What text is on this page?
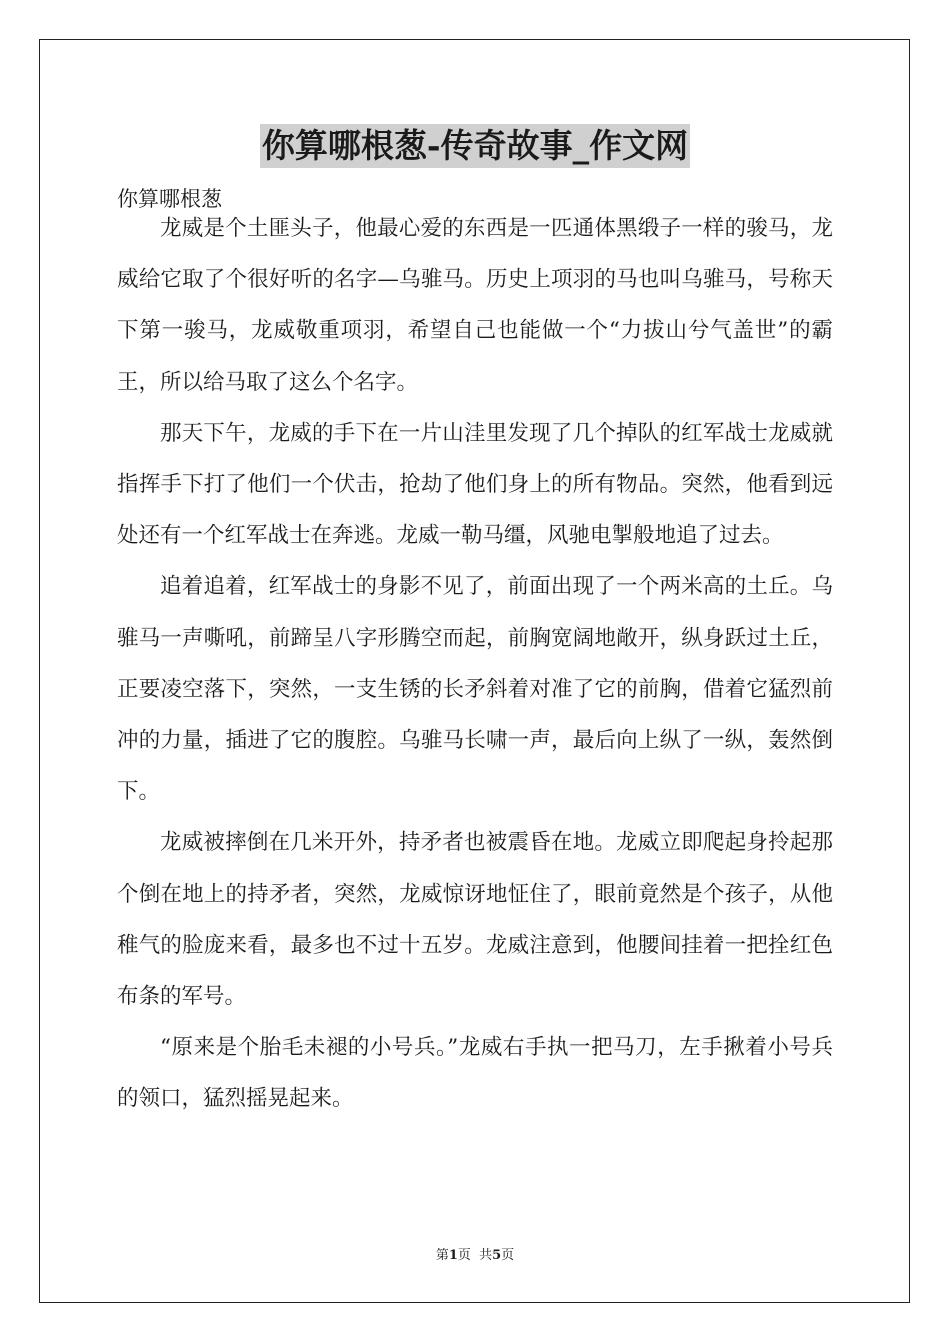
你算哪根葱-传奇故事_作文网
你算哪根葱

龙威是个土匪头子，他最心爱的东西是一匹通体黑缎子一样的骏马，龙威给它取了个很好听的名字—乌骓马。历史上项羽的马也叫乌骓马，号称天下第一骏马，龙威敬重项羽，希望自己也能做一个“力拔山兮气盖世”的霸王，所以给马取了这么个名字。

那天下午，龙威的手下在一片山洼里发现了几个掉队的红军战士龙威就指挥手下打了他们一个伏击，抢劫了他们身上的所有物品。突然，他看到远处还有一个红军战士在奔逃。龙威一勒马缰，风驰电掣般地追了过去。

追着追着，红军战士的身影不见了，前面出现了一个两米高的土丘。乌骓马一声嘶吼，前蹄呈八字形腾空而起，前胸宽阔地敞开，纵身跃过土丘，正要凌空落下，突然，一支生锈的长矛斜着对准了它的前胸，借着它猛烈前冲的力量，插进了它的腹腔。乌骓马长啸一声，最后向上纵了一纵，轰然倒下。

龙威被摔倒在几米开外，持矛者也被震昏在地。龙威立即爬起身拎起那个倒在地上的持矛者，突然，龙威惊讶地怔住了，眼前竟然是个孩子，从他稚气的脸庞来看，最多也不过十五岁。龙威注意到，他腰间挂着一把拴红色布条的军号。

“原来是个胎毛未褪的小号兵。”龙威右手执一把马刀，左手揪着小号兵的领口，猛烈摇晃起来。

第1页 共5页
